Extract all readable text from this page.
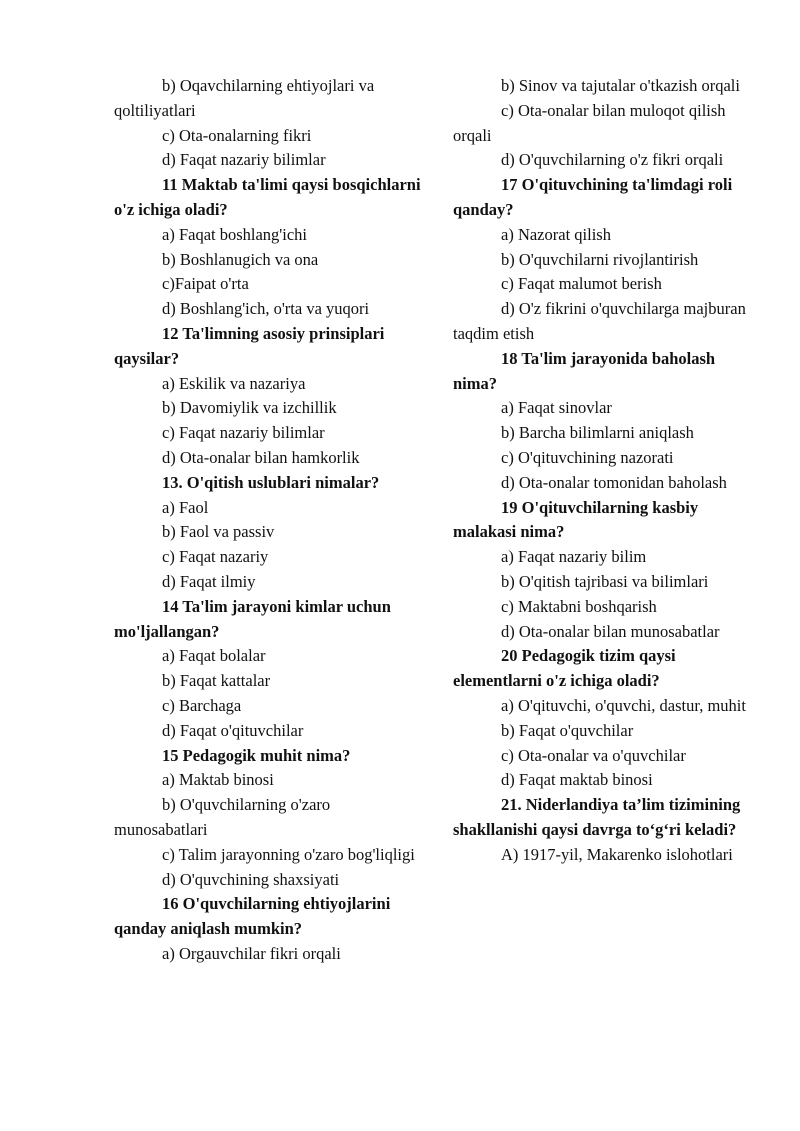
b) Oqavchilarning ehtiyojlari va qoltiliyatlari

c) Ota-onalarning fikri

d) Faqat nazariy bilimlar

11 Maktab ta'limi qaysi bosqichlarni o'z ichiga oladi?

a) Faqat boshlang'ichi

b) Boshlanugich va ona

c)Faipat o'rta

d) Boshlang'ich, o'rta va yuqori

12 Ta'limning asosiy prinsiplari qaysilar?

a) Eskilik va nazariya

b) Davomiylik va izchillik

c) Faqat nazariy bilimlar

d) Ota-onalar bilan hamkorlik

13. O'qitish uslublari nimalar?

a) Faol

b) Faol va passiv

c) Faqat nazariy

d) Faqat ilmiy

14 Ta'lim jarayoni kimlar uchun mo'ljallangan?

a) Faqat bolalar

b) Faqat kattalar

c) Barchaga

d) Faqat o'qituvchilar

15 Pedagogik muhit nima?

a) Maktab binosi

b) O'quvchilarning o'zaro munosabatlari

c) Talim jarayonning o'zaro bog'liqligi

d) O'quvchining shaxsiyati

16 O'quvchilarning ehtiyojlarini qanday aniqlash mumkin?

a) Orgauvchilar fikri orqali

b) Sinov va tajutalar o'tkazish orqali

c) Ota-onalar bilan muloqot qilish orqali

d) O'quvchilarning o'z fikri orqali

17 O'qituvchining ta'limdagi roli qanday?

a) Nazorat qilish

b) O'quvchilarni rivojlantirish

c) Faqat malumot berish

d) O'z fikrini o'quvchilarga majburan taqdim etish

18 Ta'lim jarayonida baholash nima?

a) Faqat sinovlar

b) Barcha bilimlarni aniqlash

c) O'qituvchining nazorati

d) Ota-onalar tomonidan baholash

19 O'qituvchilarning kasbiy malakasi nima?

a) Faqat nazariy bilim

b) O'qitish tajribasi va bilimlari

c) Maktabni boshqarish

d) Ota-onalar bilan munosabatlar

20 Pedagogik tizim qaysi elementlarni o'z ichiga oladi?

a) O'qituvchi, o'quvchi, dastur, muhit

b) Faqat o'quvchilar

c) Ota-onalar va o'quvchilar

d) Faqat maktab binosi

21. Niderlandiya ta’lim tizimining shakllanishi qaysi davrga to‘g‘ri keladi?

A) 1917-yil, Makarenko islohotlari
